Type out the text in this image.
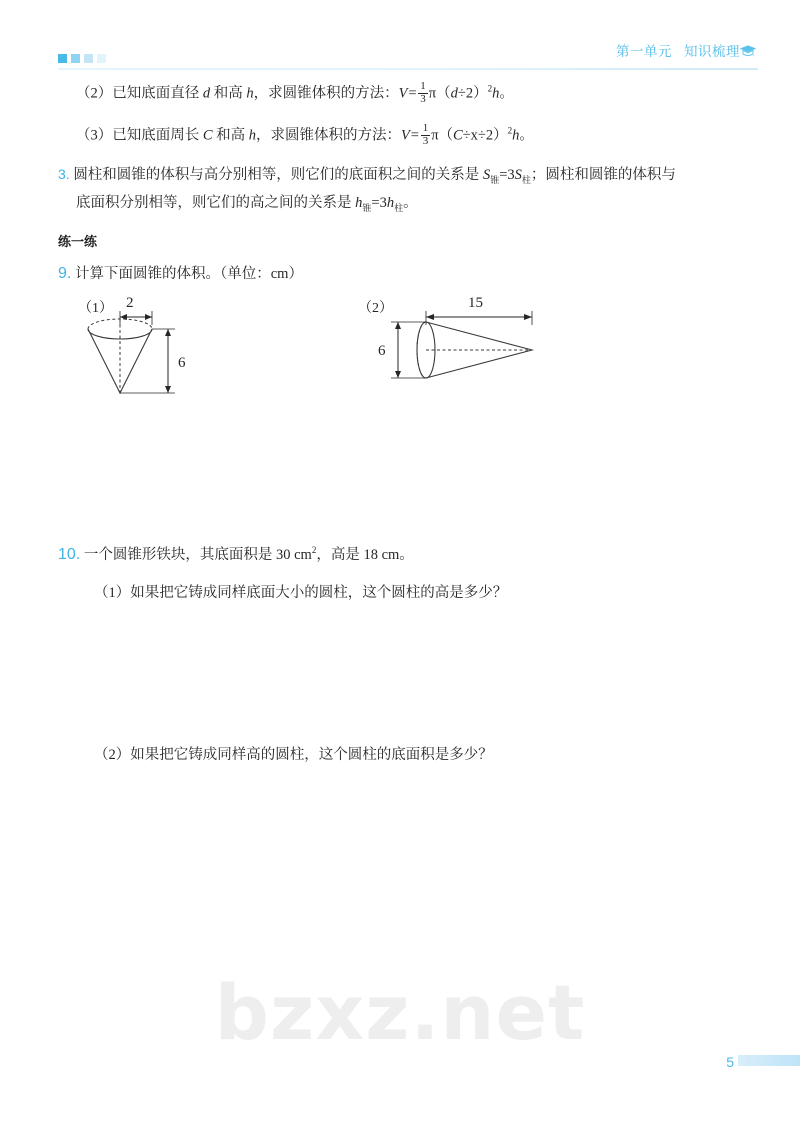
bzxz.net
第一单元 知识梳理
（2）已知底面直径 d 和高 h，求圆锥体积的方法：$V= \frac{1}{3} \pi(d\div 2)^2h$。
（3）已知底面周长 C 和高 h，求圆锥体积的方法：$V= \frac{1}{3} \pi(C\div x\div 2)^2h$。
3. 圆柱和圆锥的体积与高分别相等，则它们的底面积之间的关系是 $S_锥=3S_柱$；圆柱和圆锥的体积与
底面积分别相等，则它们的高之间的关系是 $h_锥=3h_柱$。
练一练
9. 计算下面圆锥的体积。（单位：cm）
（1） 2
6
（2）	15
6
10. 一个圆锥形铁块，其底面积是 30 $cm^2$，高是 18 cm。
（1）如果把它铸成同样底面大小的圆柱，这个圆柱的高是多少？
（2）如果把它铸成同样高的圆柱，这个圆柱的底面积是多少？
5
